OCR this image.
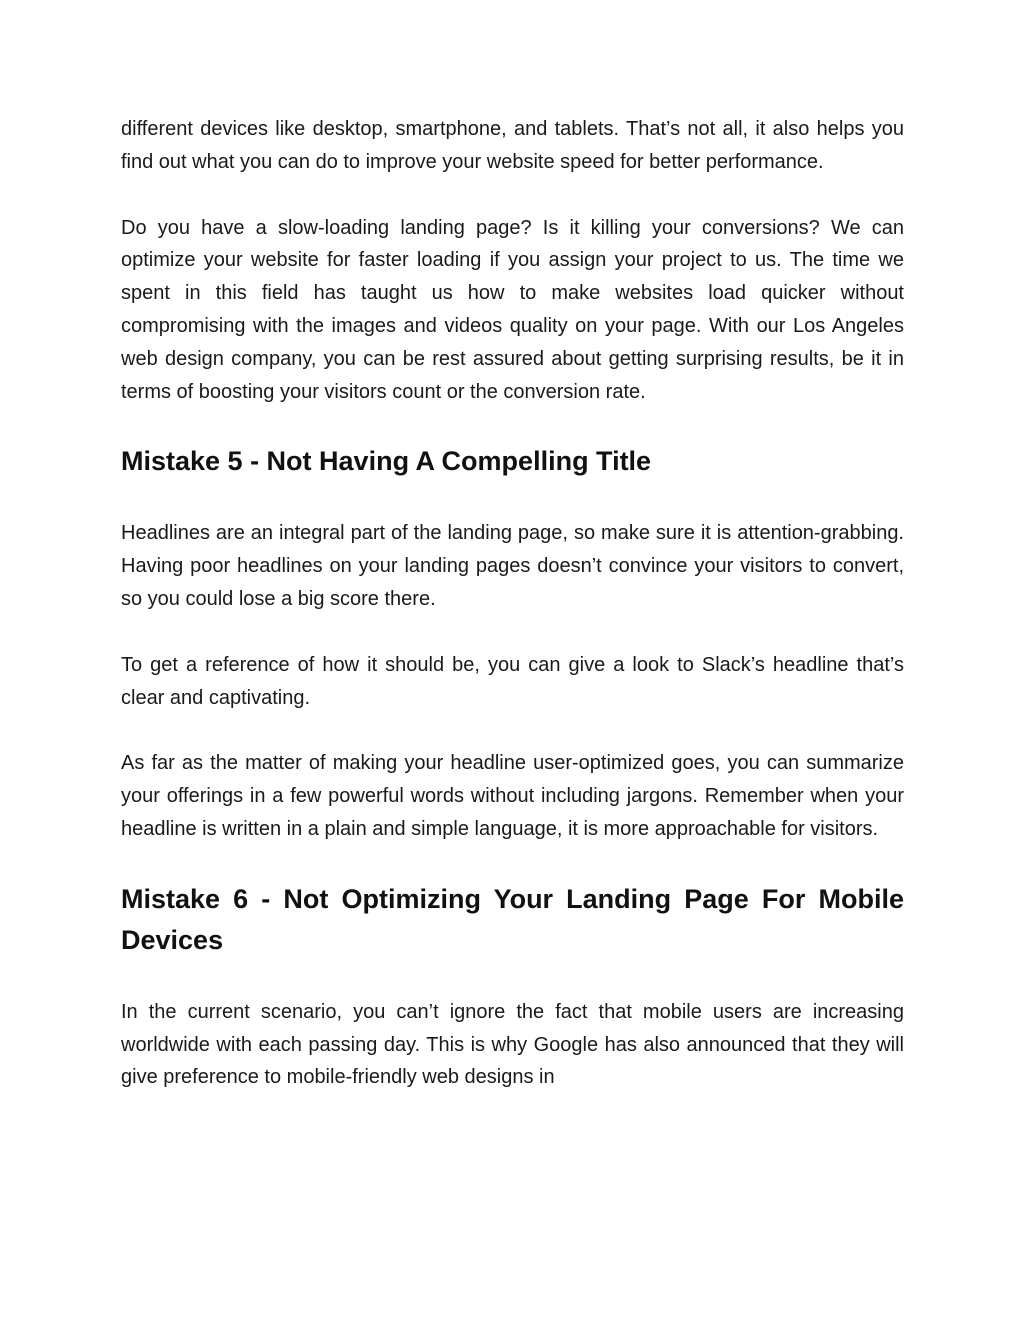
different devices like desktop, smartphone, and tablets. That’s not all, it also helps you find out what you can do to improve your website speed for better performance.

Do you have a slow-loading landing page? Is it killing your conversions? We can optimize your website for faster loading if you assign your project to us. The time we spent in this field has taught us how to make websites load quicker without compromising with the images and videos quality on your page. With our Los Angeles web design company, you can be rest assured about getting surprising results, be it in terms of boosting your visitors count or the conversion rate.

Mistake 5 - Not Having A Compelling Title

Headlines are an integral part of the landing page, so make sure it is attention-grabbing. Having poor headlines on your landing pages doesn’t convince your visitors to convert, so you could lose a big score there.

To get a reference of how it should be, you can give a look to Slack’s headline that’s clear and captivating.

As far as the matter of making your headline user-optimized goes, you can summarize your offerings in a few powerful words without including jargons. Remember when your headline is written in a plain and simple language, it is more approachable for visitors.

Mistake 6 - Not Optimizing Your Landing Page For Mobile Devices

In the current scenario, you can’t ignore the fact that mobile users are increasing worldwide with each passing day. This is why Google has also announced that they will give preference to mobile-friendly web designs in
